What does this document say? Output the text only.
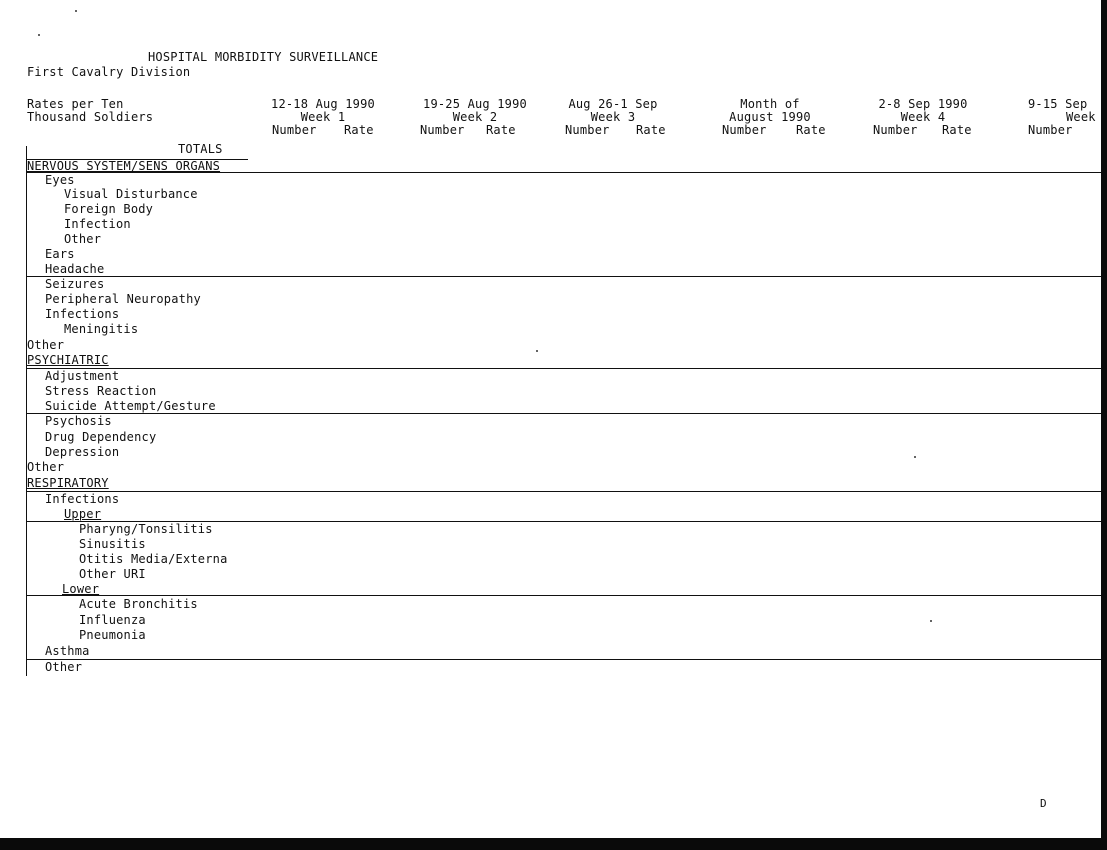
HOSPITAL MORBIDITY SURVEILLANCE
First Cavalry Division
Rates per Ten
Thousand Soldiers
TOTALS
12-18 Aug 1990
Week 1
Number Rate
19-25 Aug 1990
Week 2
Number Rate
Aug 26-1 Sep
Week 3
Number Rate
Month of
August 1990
Number Rate
2-8 Sep 1990
Week 4
Number Rate
9-15 Sep
Week
Number
NERVOUS SYSTEM/SENS ORGANS
Eyes
Visual Disturbance
Foreign Body
Infection
Other
Ears
Headache
Seizures
Peripheral Neuropathy
Infections
Meningitis
Other
PSYCHIATRIC
Adjustment
Stress Reaction
Suicide Attempt/Gesture
Psychosis
Drug Dependency
Depression
Other
RESPIRATORY
Infections
Upper
Pharyng/Tonsilitis
Sinusitis
Otitis Media/Externa
Other URI
Lower
Acute Bronchitis
Influenza
Pneumonia
Asthma
Other
D
